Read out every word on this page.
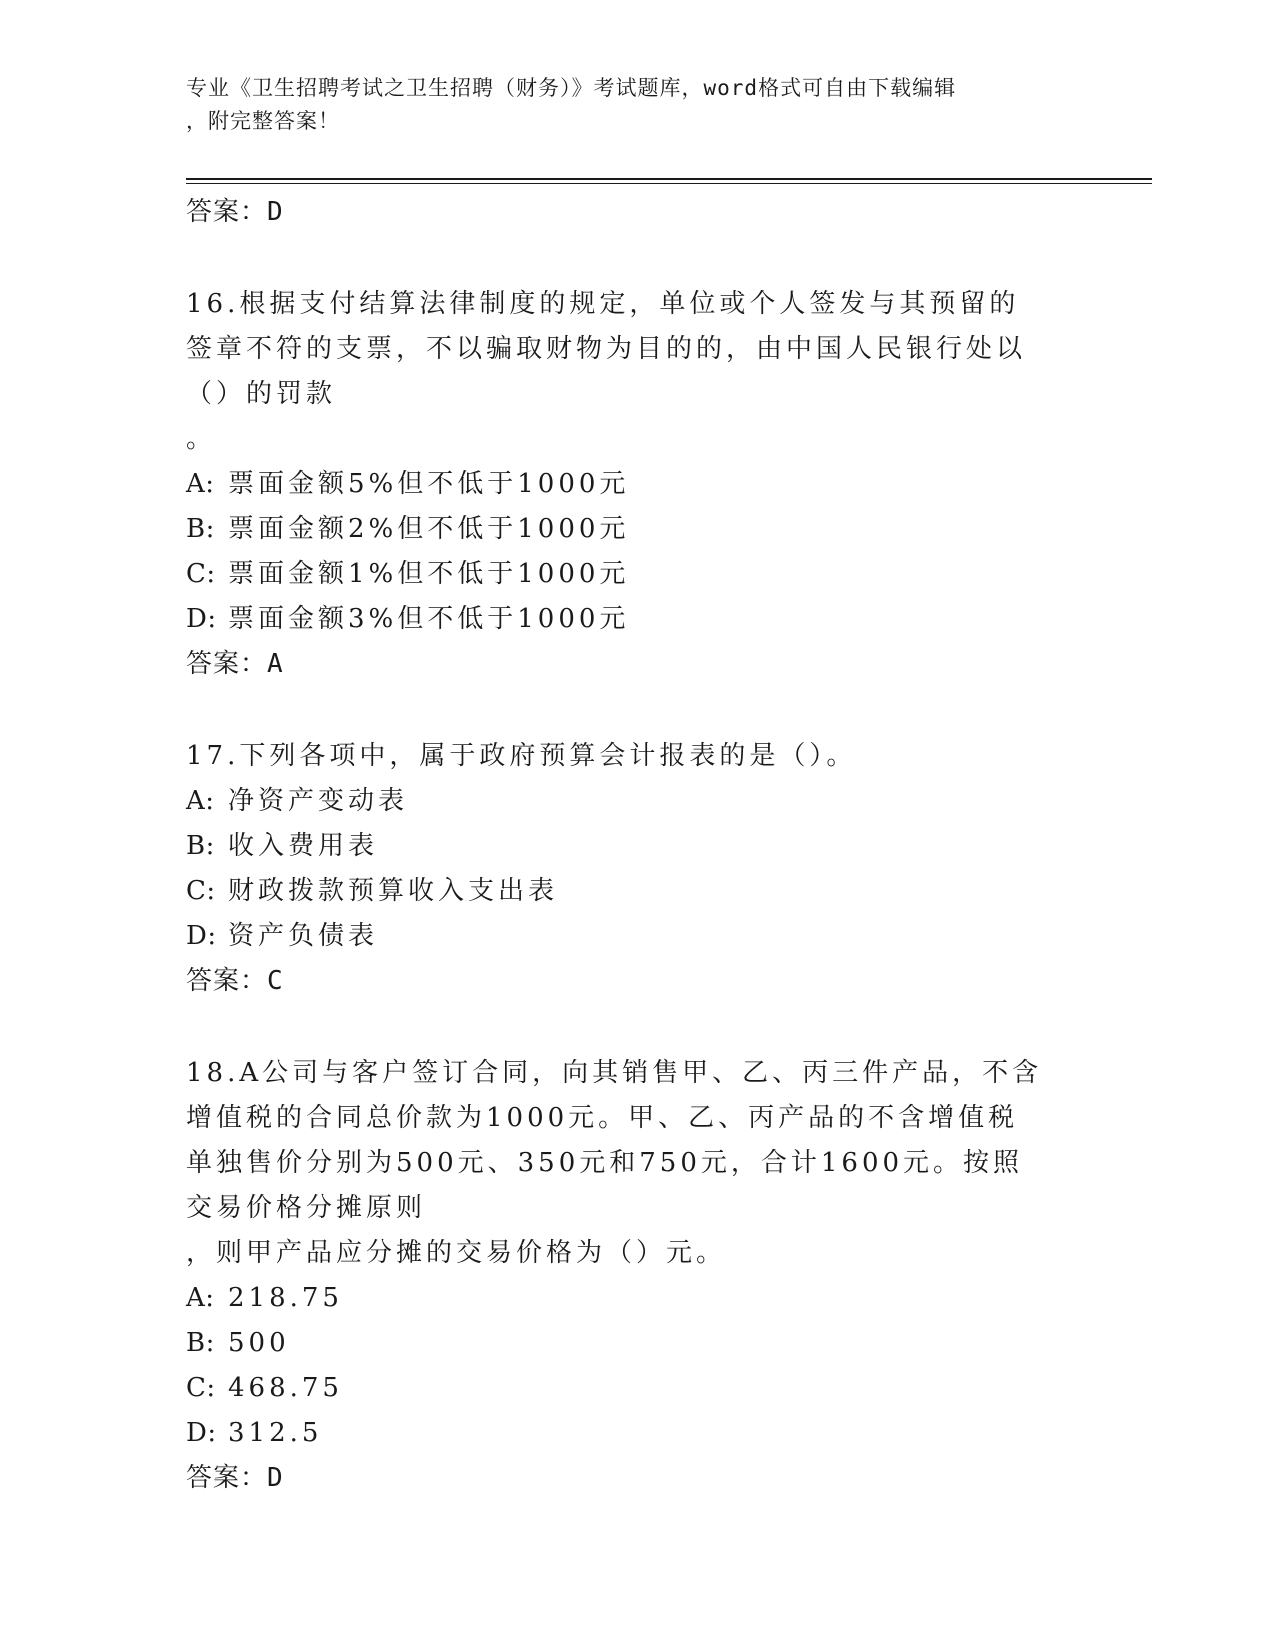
专业《卫生招聘考试之卫生招聘（财务）》考试题库，word格式可自由下载编辑
，附完整答案！
答案：D

16.根据支付结算法律制度的规定，单位或个人签发与其预留的签章不符的支票，不以骗取财物为目的的，由中国人民银行处以（）的罚款
。

A: 票面金额5%但不低于1000元
B: 票面金额2%但不低于1000元
C: 票面金额1%但不低于1000元
D: 票面金额3%但不低于1000元
答案：A

17.下列各项中，属于政府预算会计报表的是（）。

A: 净资产变动表
B: 收入费用表
C: 财政拨款预算收入支出表
D: 资产负债表
答案：C

18.A公司与客户签订合同，向其销售甲、乙、丙三件产品，不含增值税的合同总价款为1000元。甲、乙、丙产品的不含增值税单独售价分别为500元、350元和750元，合计1600元。按照交易价格分摊原则
，则甲产品应分摊的交易价格为（）元。

A: 218.75
B: 500
C: 468.75
D: 312.5
答案：D
